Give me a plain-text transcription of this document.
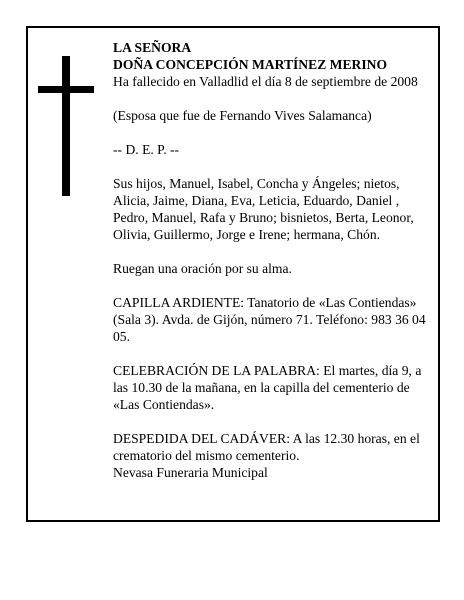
LA SEÑORA

DOÑA CONCEPCIÓN MARTÍNEZ MERINO

Ha fallecido en Valladlid el día 8 de septiembre de 2008

(Esposa que fue de Fernando Vives Salamanca)

-- D. E. P. --

Sus hijos, Manuel, Isabel, Concha y Ángeles; nietos, Alicia, Jaime, Diana, Eva, Leticia, Eduardo, Daniel , Pedro, Manuel, Rafa y Bruno; bisnietos, Berta, Leonor, Olivia, Guillermo, Jorge e Irene; hermana, Chón.

Ruegan una oración por su alma.

CAPILLA ARDIENTE: Tanatorio de «Las Contiendas» (Sala 3). Avda. de Gijón, número 71. Teléfono: 983 36 04 05.

CELEBRACIÓN DE LA PALABRA: El martes, día 9, a las 10.30 de la mañana, en la capilla del cementerio de «Las Contiendas».

DESPEDIDA DEL CADÁVER: A las 12.30 horas, en el crematorio del mismo cementerio.

Nevasa Funeraria Municipal
